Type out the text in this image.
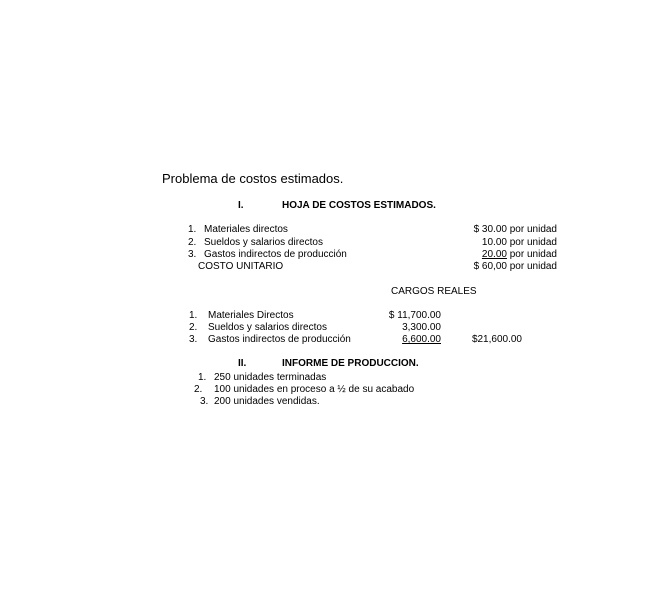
Problema de costos estimados.
I.	HOJA DE COSTOS ESTIMADOS.
1. Materiales directos	$ 30.00 por unidad
2. Sueldos y salarios directos	10.00 por unidad
3. Gastos indirectos de producción	20.00 por unidad
COSTO UNITARIO	$ 60,00 por unidad
CARGOS REALES
1. Materiales Directos	$ 11,700.00
2. Sueldos y salarios directos	3,300.00
3. Gastos indirectos de producción	6,600.00	$21,600.00
II.	INFORME DE PRODUCCION.
1. 250 unidades terminadas
2. 100 unidades en proceso a ½ de su acabado
3. 200 unidades vendidas.
